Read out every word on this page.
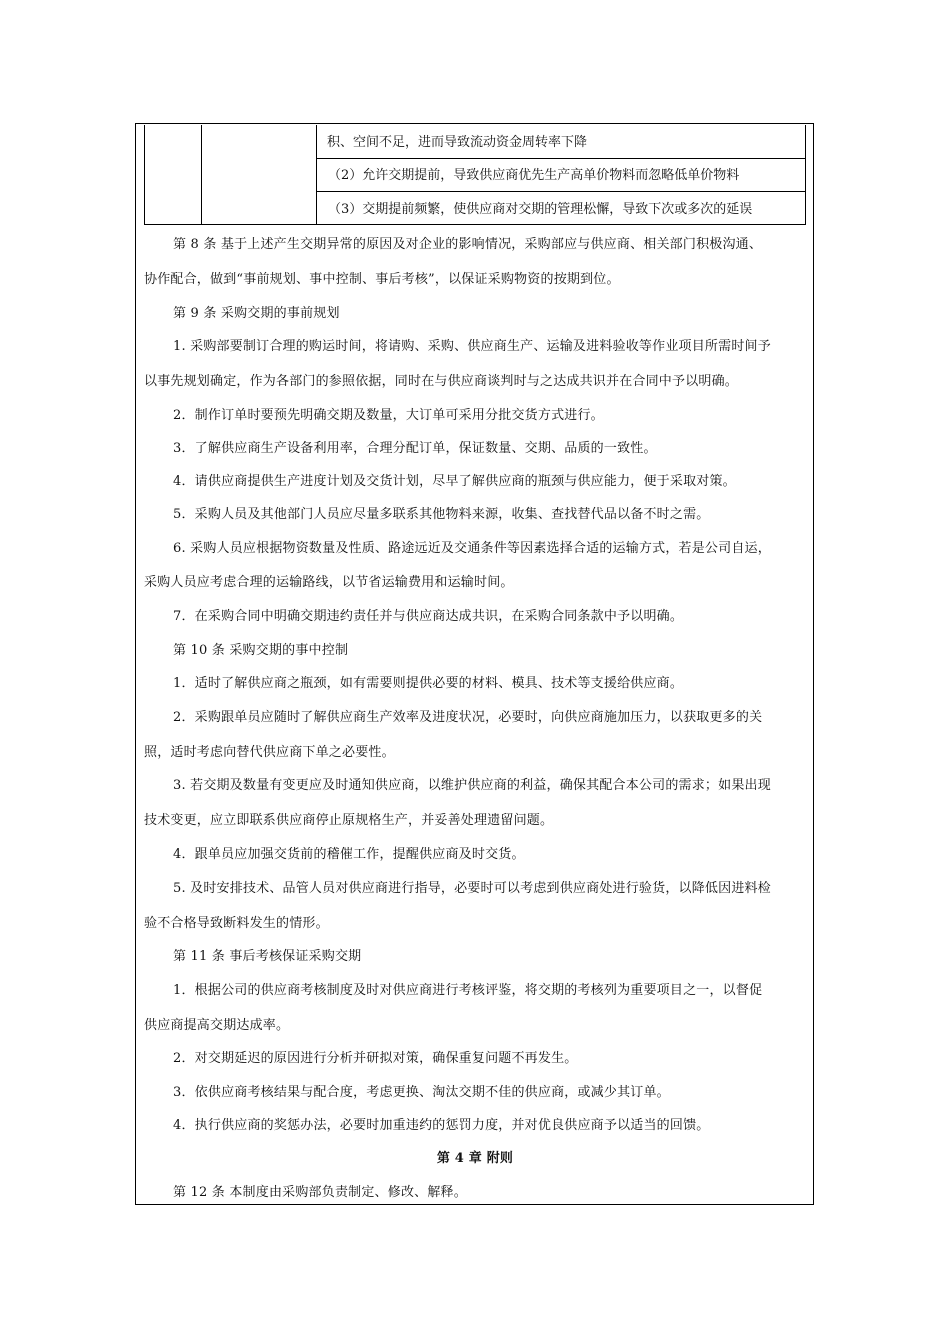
积、空间不足，进而导致流动资金周转率下降
（2）允许交期提前，导致供应商优先生产高单价物料而忽略低单价物料
（3）交期提前频繁，使供应商对交期的管理松懈，导致下次或多次的延误
第 8 条 基于上述产生交期异常的原因及对企业的影响情况，采购部应与供应商、相关部门积极沟通、
协作配合，做到“事前规划、事中控制、事后考核”，以保证采购物资的按期到位。
第 9 条 采购交期的事前规划
1. 采购部要制订合理的购运时间，将请购、采购、供应商生产、运输及进料验收等作业项目所需时间予
以事先规划确定，作为各部门的参照依据，同时在与供应商谈判时与之达成共识并在合同中予以明确。
2．制作订单时要预先明确交期及数量，大订单可采用分批交货方式进行。
3．了解供应商生产设备利用率，合理分配订单，保证数量、交期、品质的一致性。
4．请供应商提供生产进度计划及交货计划，尽早了解供应商的瓶颈与供应能力，便于采取对策。
5．采购人员及其他部门人员应尽量多联系其他物料来源，收集、查找替代品以备不时之需。
6. 采购人员应根据物资数量及性质、路途远近及交通条件等因素选择合适的运输方式，若是公司自运，
采购人员应考虑合理的运输路线，以节省运输费用和运输时间。
7．在采购合同中明确交期违约责任并与供应商达成共识，在采购合同条款中予以明确。
第 10 条 采购交期的事中控制
1．适时了解供应商之瓶颈，如有需要则提供必要的材料、模具、技术等支援给供应商。
2．采购跟单员应随时了解供应商生产效率及进度状况，必要时，向供应商施加压力，以获取更多的关
照，适时考虑向替代供应商下单之必要性。
3. 若交期及数量有变更应及时通知供应商，以维护供应商的利益，确保其配合本公司的需求；如果出现
技术变更，应立即联系供应商停止原规格生产，并妥善处理遗留问题。
4．跟单员应加强交货前的稽催工作，提醒供应商及时交货。
5. 及时安排技术、品管人员对供应商进行指导，必要时可以考虑到供应商处进行验货，以降低因进料检
验不合格导致断料发生的情形。
第 11 条 事后考核保证采购交期
1．根据公司的供应商考核制度及时对供应商进行考核评鉴，将交期的考核列为重要项目之一，以督促
供应商提高交期达成率。
2．对交期延迟的原因进行分析并研拟对策，确保重复问题不再发生。
3．依供应商考核结果与配合度，考虑更换、淘汰交期不佳的供应商，或减少其订单。
4．执行供应商的奖惩办法，必要时加重违约的惩罚力度，并对优良供应商予以适当的回馈。
第 4 章 附则
第 12 条 本制度由采购部负责制定、修改、解释。
